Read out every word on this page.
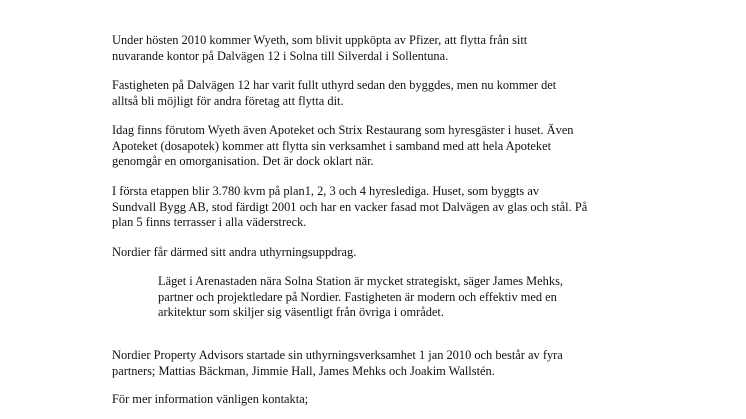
Under hösten 2010 kommer Wyeth, som blivit uppköpta av Pfizer, att flytta från sitt
nuvarande kontor på Dalvägen 12 i Solna till Silverdal i Sollentuna.

Fastigheten på Dalvägen 12 har varit fullt uthyrd sedan den byggdes, men nu kommer det
alltså bli möjligt för andra företag att flytta dit.

Idag finns förutom Wyeth även Apoteket och Strix Restaurang som hyresgäster i huset. Även
Apoteket (dosapotek) kommer att flytta sin verksamhet i samband med att hela Apoteket
genomgår en omorganisation. Det är dock oklart när.

I första etappen blir 3.780 kvm på plan1, 2, 3 och 4 hyreslediga. Huset, som byggts av
Sundvall Bygg AB, stod färdigt 2001 och har en vacker fasad mot Dalvägen av glas och stål. På
plan 5 finns terrasser i alla väderstreck.

Nordier får därmed sitt andra uthyrningsuppdrag.

Läget i Arenastaden nära Solna Station är mycket strategiskt, säger James Mehks,
partner och projektledare på Nordier. Fastigheten är modern och effektiv med en
arkitektur som skiljer sig väsentligt från övriga i området.

Nordier Property Advisors startade sin uthyrningsverksamhet 1 jan 2010 och består av fyra
partners; Mattias Bäckman, Jimmie Hall, James Mehks och Joakim Wallstén.

För mer information vänligen kontakta;
